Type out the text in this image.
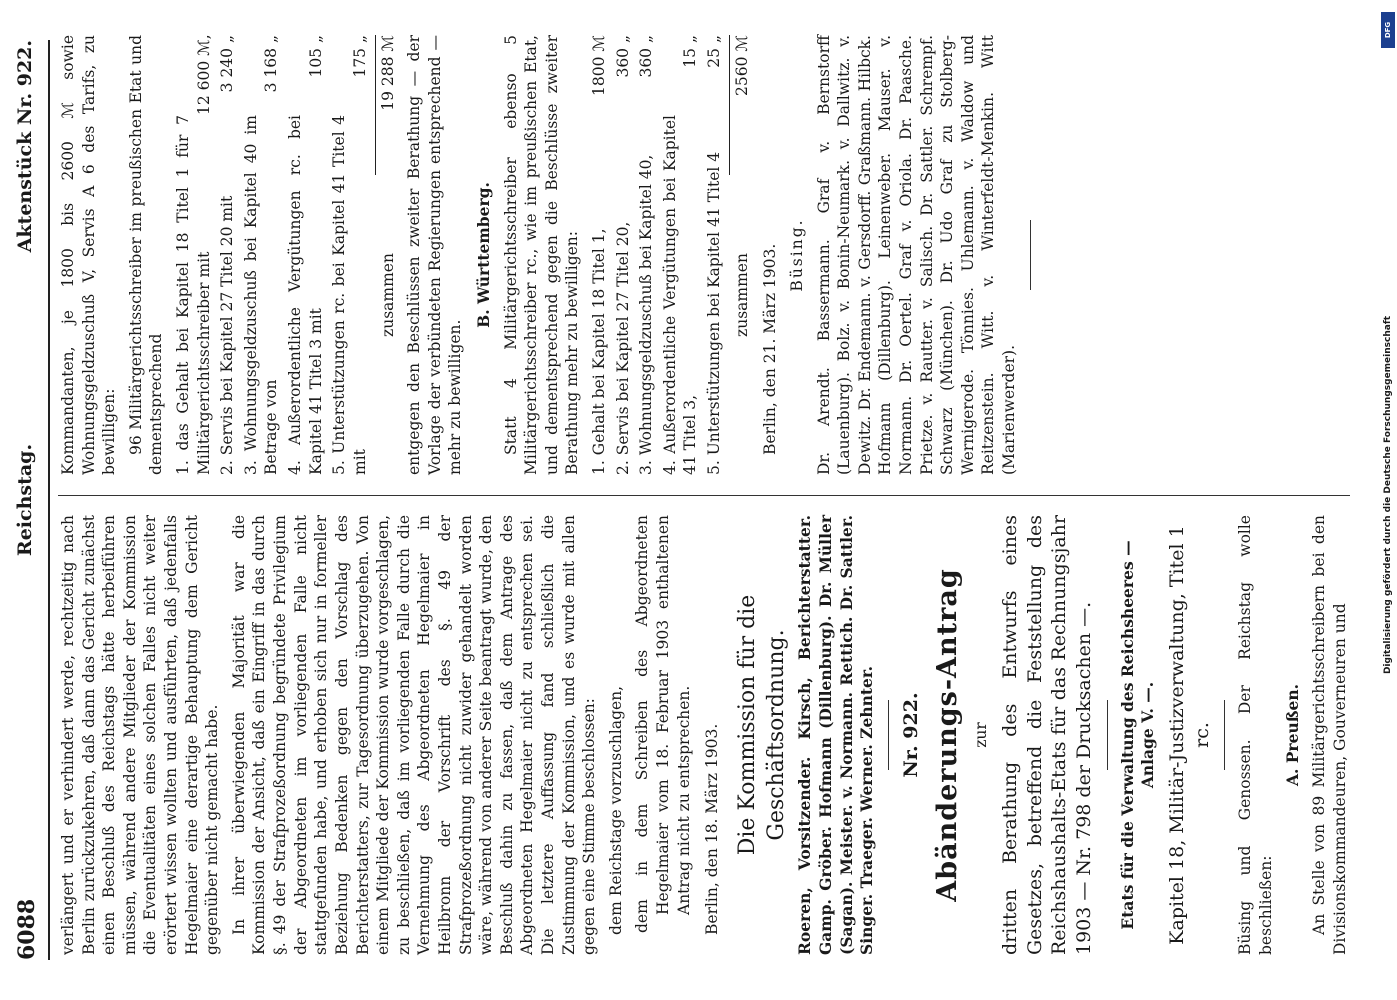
6088
Reichstag.
Aktenstück Nr. 922.

verlängert und er verhindert werde, rechtzeitig nach Berlin zurückzukehren, daß dann das Gericht zunächst einen Beschluß des Reichstags hätte herbeiführen müssen, während andere Mitglieder der Kommission die Eventualitäten eines solchen Falles nicht weiter erörtert wissen wollten und ausführten, daß jedenfalls Hegelmaier eine derartige Behauptung dem Gericht gegenüber nicht gemacht habe. In ihrer überwiegenden Majorität war die Kommission der Ansicht, daß ein Eingriff in das durch §. 49 der Strafprozeßordnung begründete Privilegium der Abgeordneten im vorliegenden Falle nicht stattgefunden habe, und erhoben sich nur in formeller Beziehung Bedenken gegen den Vorschlag des Berichterstatters, zur Tagesordnung überzugehen. Von einem Mitgliede der Kommission wurde vorgeschlagen, zu beschließen, daß im vorliegenden Falle durch die Vernehmung des Abgeordneten Hegelmaier in Heilbronn der Vorschrift des §. 49 der Strafprozeßordnung nicht zuwider gehandelt worden wäre, während von anderer Seite beantragt wurde, den Beschluß dahin zu fassen, daß dem Antrage des Abgeordneten Hegelmaier nicht zu entsprechen sei. Die letztere Auffassung fand schließlich die Zustimmung der Kommission, und es wurde mit allen gegen eine Stimme beschlossen: dem Reichstage vorzuschlagen, dem in dem Schreiben des Abgeordneten Hegelmaier vom 18. Februar 1903 enthaltenen Antrag nicht zu entsprechen. Berlin, den 18. März 1903. Die Kommission für die Geschäftsordnung. Roeren, Vorsitzender. Kirsch, Berichterstatter. Gamp. Gröber. Hofmann (Dillenburg). Dr. Müller (Sagan). Meister. v. Normann. Rettich. Dr. Sattler. Singer. Traeger. Werner. Zehnter. Nr. 922. Abänderungs-Antrag zur dritten Berathung des Entwurfs eines Gesetzes, betreffend die Feststellung des Reichshaushalts-Etats für das Rechnungsjahr 1903 — Nr. 798 der Drucksachen —. Etats für die Verwaltung des Reichsheeres — Anlage V. —. Kapitel 18, Militär-Justizverwaltung, Titel 1 rc. Büsing und Genossen. Der Reichstag wolle beschließen:

A. Preußen. An Stelle von 89 Militärgerichtsschreibern bei den Divisionskommandeuren, Gouverneuren und

Kommandanten, je 1800 bis 2600 ℳ sowie Wohnungsgeldzuschuß V, Servis A 6 des Tarifs, zu bewilligen: 96 Militärgerichtsschreiber im preußischen Etat und dementsprechend 1. das Gehalt bei Kapitel 18 Titel 1 für 7 Militärgerichtsschreiber mit
12 600 ℳ,
2. Servis bei Kapitel 27 Titel 20 mit
3 240 „
3. Wohnungsgeldzuschuß bei Kapitel 40 im Betrage von
3 168 „
4. Außerordentliche Vergütungen rc. bei Kapitel 41 Titel 3 mit
105 „
5. Unterstützungen rc. bei Kapitel 41 Titel 4 mit
175 „
zusammen
19 288 ℳ entgegen den Beschlüssen zweiter Berathung — der Vorlage der verbündeten Regierungen entsprechend — mehr zu bewilligen.

B. Württemberg. Statt 4 Militärgerichtsschreiber ebenso 5 Militärgerichtsschreiber rc., wie im preußischen Etat, und dementsprechend gegen die Beschlüsse zweiter Berathung mehr zu bewilligen: 1. Gehalt bei Kapitel 18 Titel 1,
1800 ℳ
2. Servis bei Kapitel 27 Titel 20,
360 „
3. Wohnungsgeldzuschuß bei Kapitel 40,
360 „
4. Außerordentliche Vergütungen bei Kapitel 41 Titel 3,
15 „
5. Unterstützungen bei Kapitel 41 Titel 4
25 „
zusammen
2560 ℳ

Berlin, den 21. März 1903. Büsing. Dr. Arendt. Bassermann. Graf v. Bernstorff (Lauenburg). Bolz. v. Bonin-Neumark. v. Dallwitz. v. Dewitz. Dr. Endemann. v. Gersdorff. Graßmann. Hilbck. Hofmann (Dillenburg). Leinenweber. Mauser. v. Normann. Dr. Oertel. Graf v. Oriola. Dr. Paasche. Prietze. v. Rautter. v. Salisch. Dr. Sattler. Schrempf. Schwarz (München). Dr. Udo Graf zu Stolberg-Wernigerode. Tönnies. Uhlemann. v. Waldow und Reitzenstein. Witt. v. Winterfeldt-Menkin. Witt (Marienwerder).

DFG
Digitalisierung gefördert durch die Deutsche Forschungsgemeinschaft
